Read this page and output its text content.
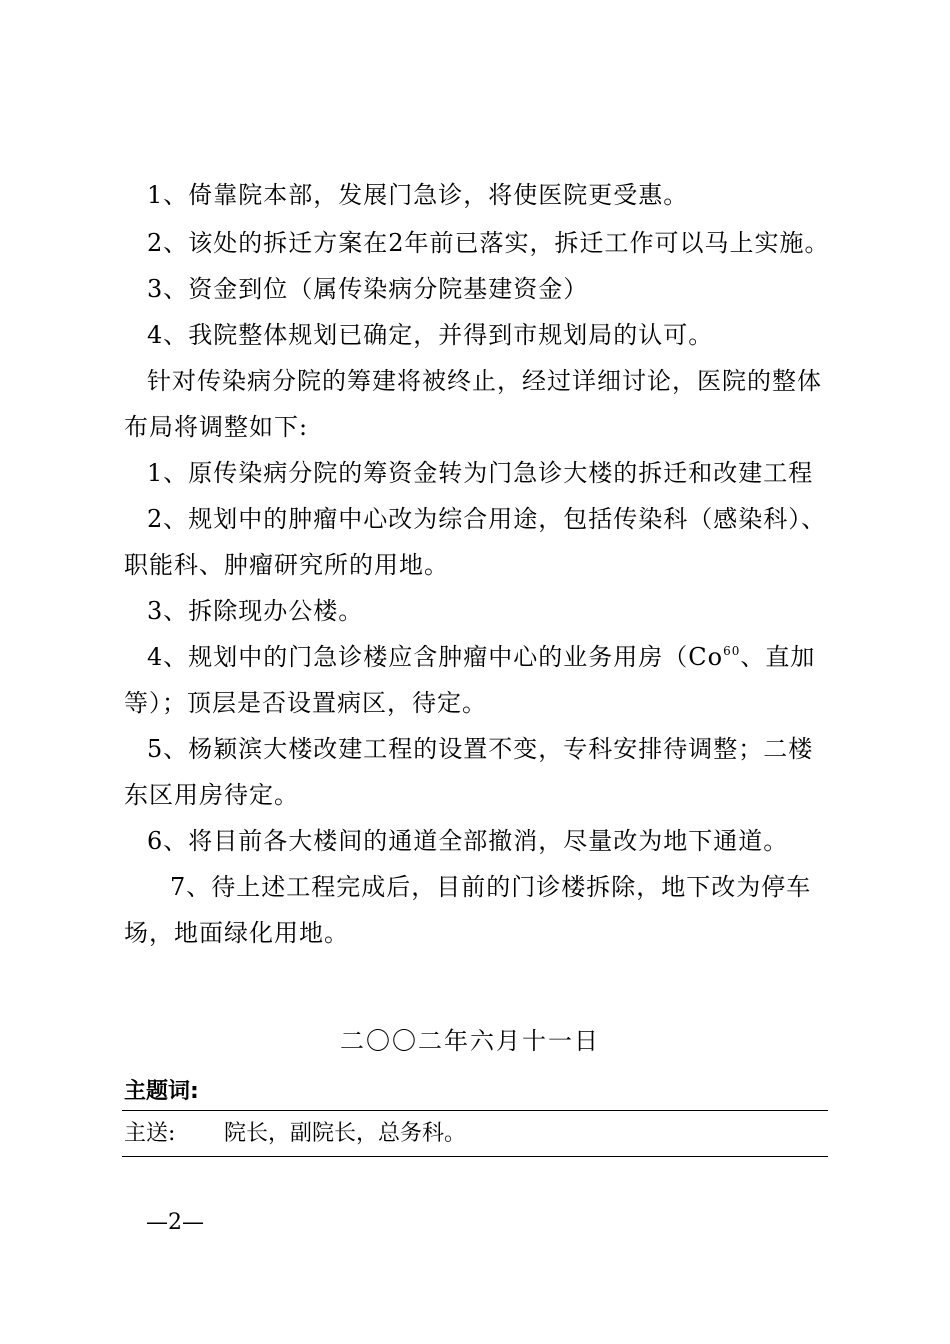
1、倚靠院本部，发展门急诊，将使医院更受惠。
2、该处的拆迁方案在2年前已落实，拆迁工作可以马上实施。
3、资金到位（属传染病分院基建资金）
4、我院整体规划已确定，并得到市规划局的认可。
针对传染病分院的筹建将被终止，经过详细讨论，医院的整体
布局将调整如下:
1、原传染病分院的筹资金转为门急诊大楼的拆迁和改建工程
2、规划中的肿瘤中心改为综合用途，包括传染科（感染科）、
职能科、肿瘤研究所的用地。
3、拆除现办公楼。
4、规划中的门急诊楼应含肿瘤中心的业务用房（Co$^{60}$、直加
等）；顶层是否设置病区，待定。
5、杨颖滨大楼改建工程的设置不变，专科安排待调整；二楼
东区用房待定。
6、将目前各大楼间的通道全部撤消，尽量改为地下通道。
7、待上述工程完成后，目前的门诊楼拆除，地下改为停车
场，地面绿化用地。
二〇〇二年六月十一日
主题词:
主送: 院长，副院长，总务科。
—2—
